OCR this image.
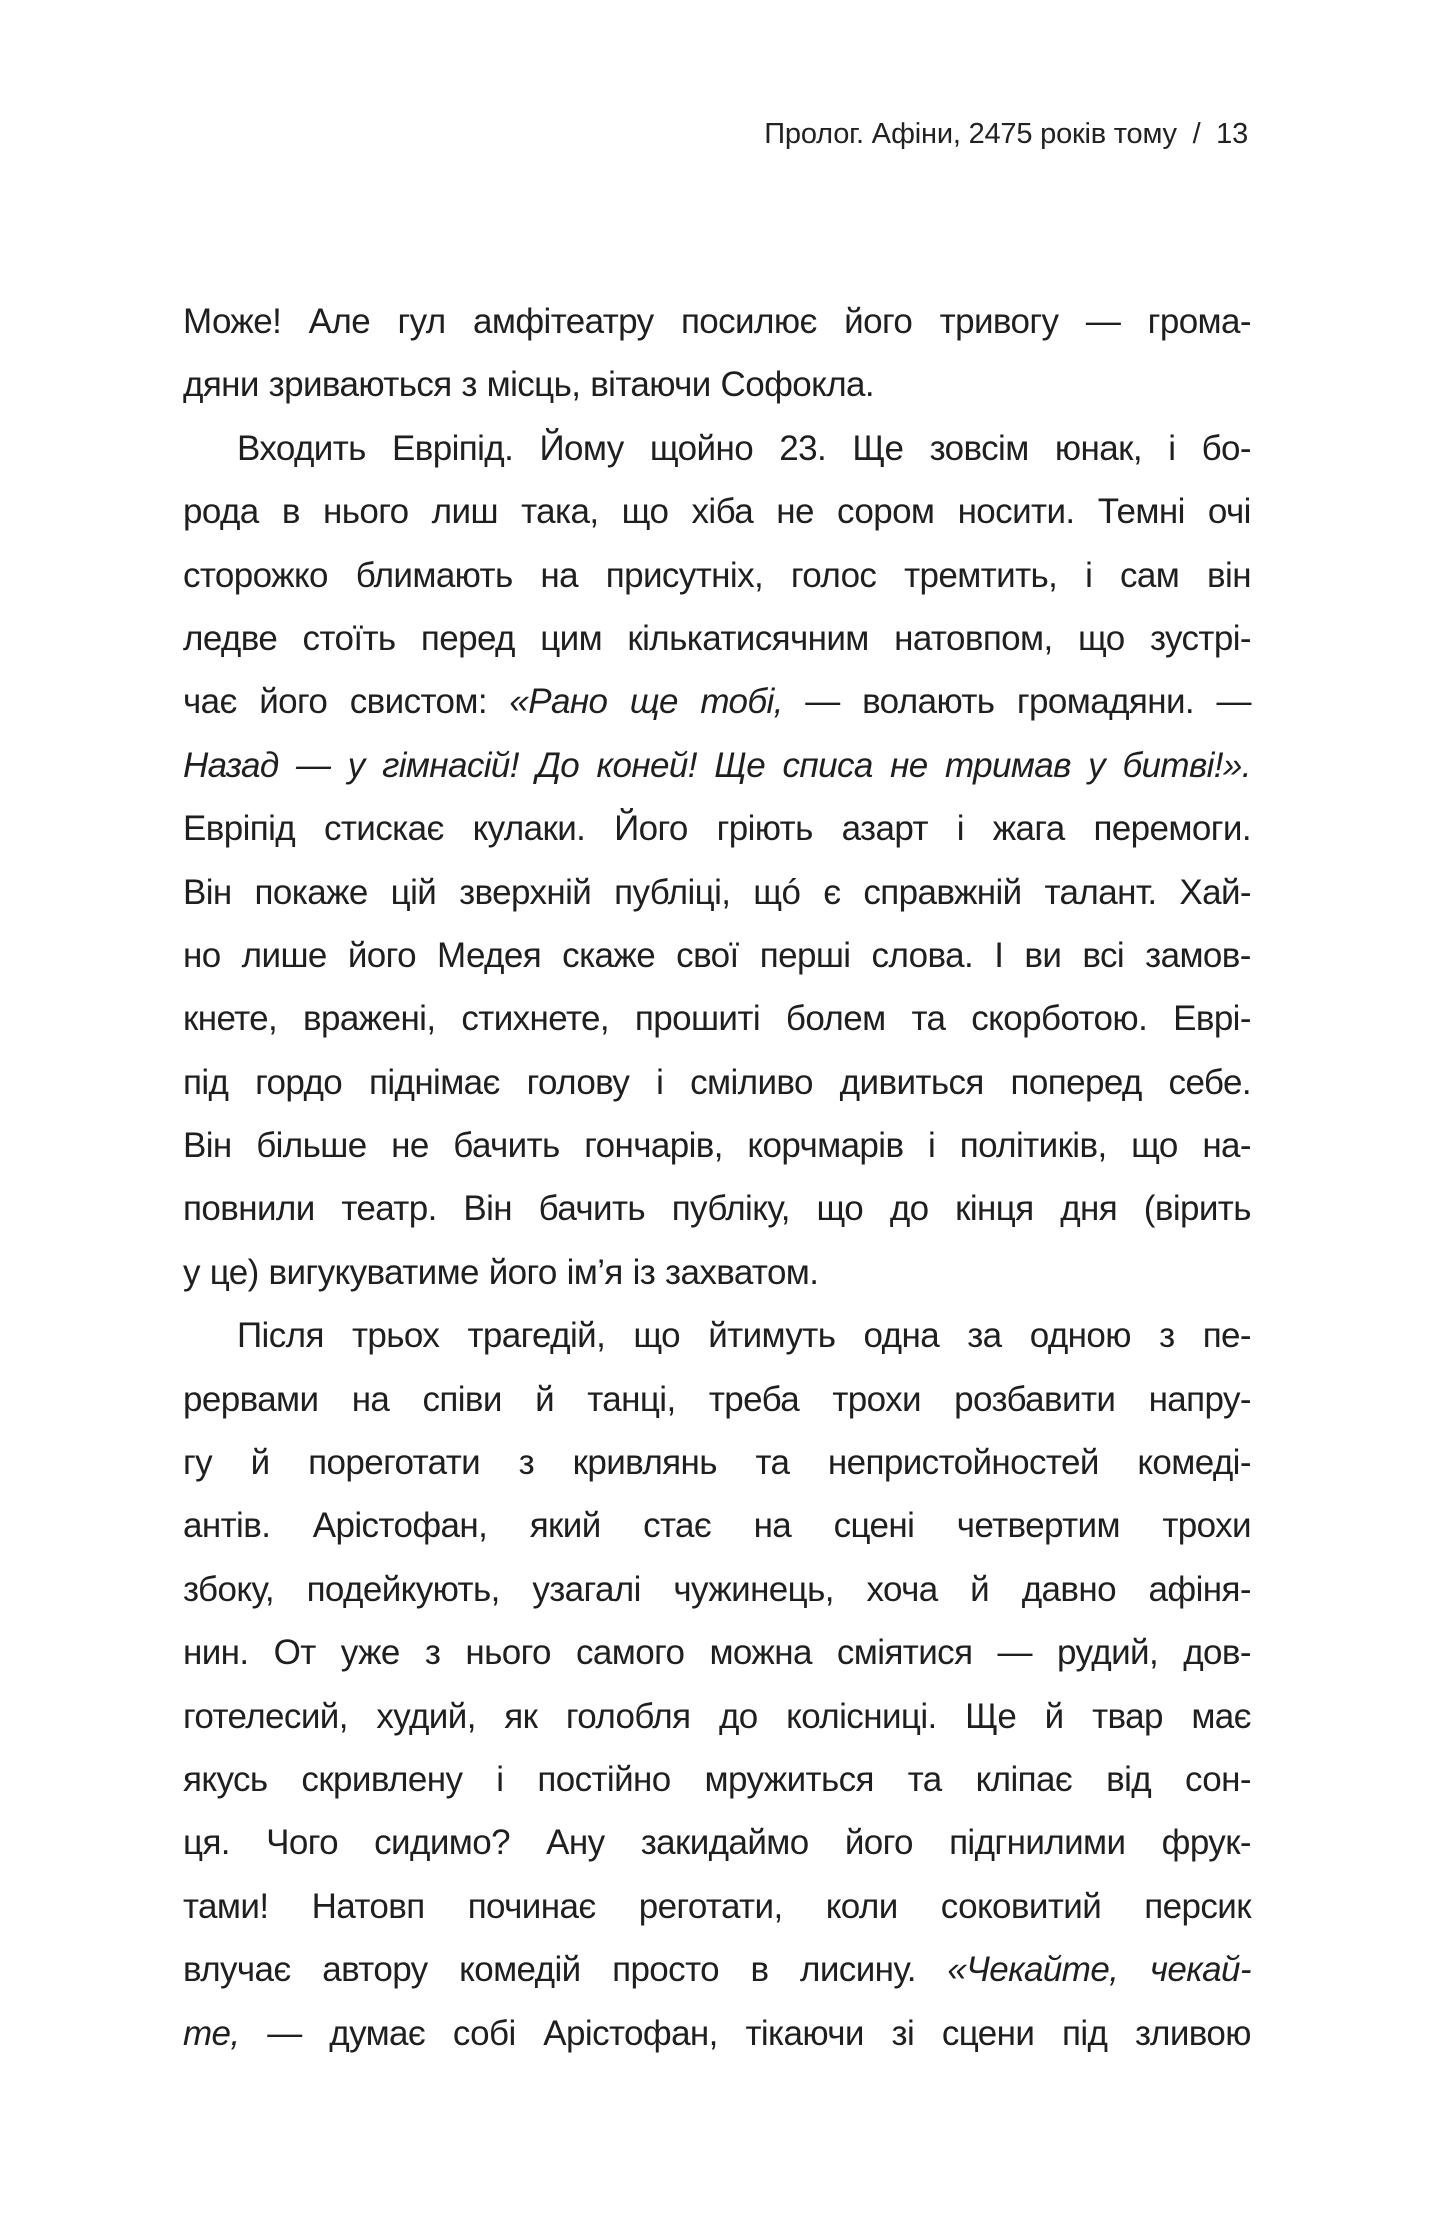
Пролог. Афіни, 2475 років тому / 13
Може! Але гул амфітеатру посилює його тривогу — грома-
дяни зриваються з місць, вітаючи Софокла.
Входить Евріпід. Йому щойно 23. Ще зовсім юнак, і бо-
рода в нього лиш така, що хіба не сором носити. Темні очі
сторожко блимають на присутніх, голос тремтить, і сам він
ледве стоїть перед цим кількатисячним натовпом, що зустрі-
чає його свистом: «Рано ще тобі, — волають громадяни. —
Назад — у гімнасій! До коней! Ще списа не тримав у битві!».
Евріпід стискає кулаки. Його гріють азарт і жага перемоги.
Він покаже цій зверхній публіці, щó є справжній талант. Хай-
но лише його Медея скаже свої перші слова. І ви всі замов-
кнете, вражені, стихнете, прошиті болем та скорботою. Еврі-
під гордо піднімає голову і сміливо дивиться поперед себе.
Він більше не бачить гончарів, корчмарів і політиків, що на-
повнили театр. Він бачить публіку, що до кінця дня (вірить
у це) вигукуватиме його ім’я із захватом.
Після трьох трагедій, що йтимуть одна за одною з пе-
рервами на співи й танці, треба трохи розбавити напру-
гу й пореготати з кривлянь та непристойностей комеді-
антів. Арістофан, який стає на сцені четвертим трохи
збоку, подейкують, узагалі чужинець, хоча й давно афіня-
нин. От уже з нього самого можна сміятися — рудий, дов-
готелесий, худий, як голобля до колісниці. Ще й твар має
якусь скривлену і постійно мружиться та кліпає від сон-
ця. Чого сидимо? Ану закидаймо його підгнилими фрук-
тами! Натовп починає реготати, коли соковитий персик
влучає автору комедій просто в лисину. «Чекайте, чекай-
те, — думає собі Арістофан, тікаючи зі сцени під зливою
